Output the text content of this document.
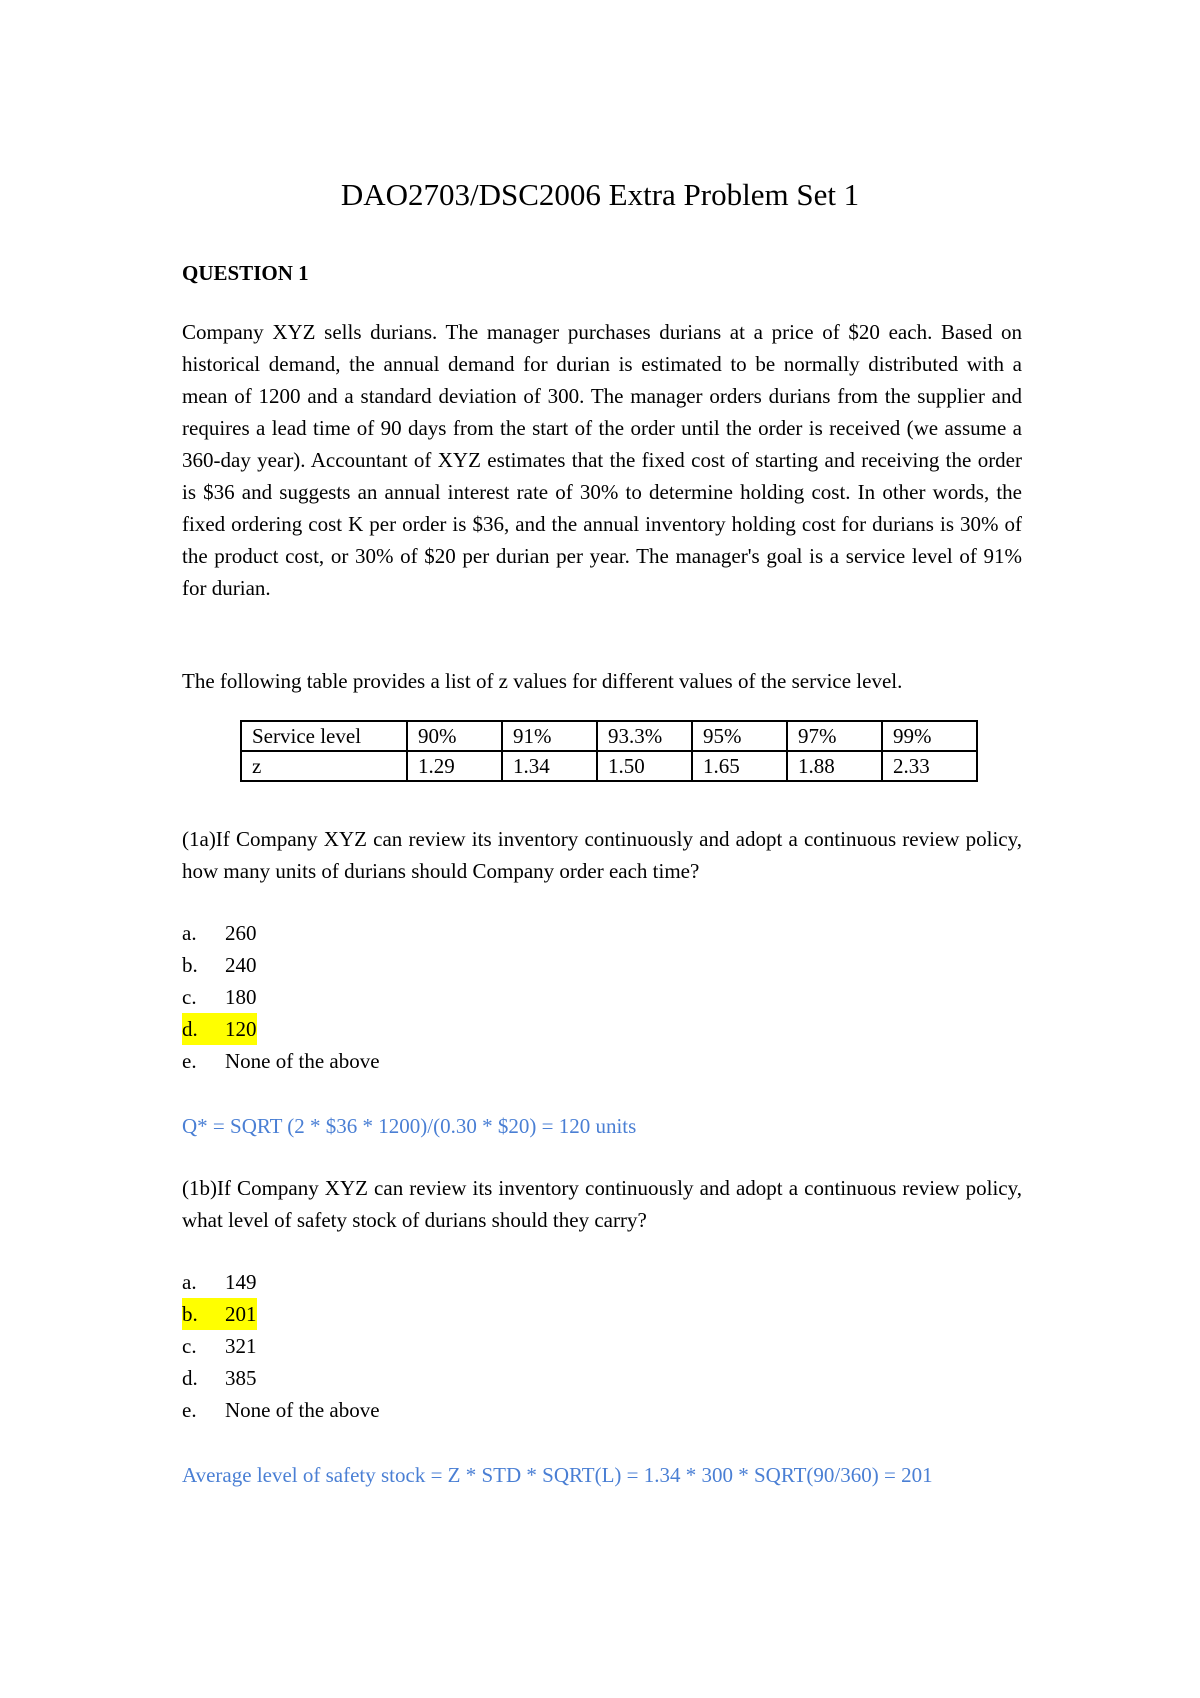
DAO2703/DSC2006 Extra Problem Set 1
QUESTION 1
Company XYZ sells durians. The manager purchases durians at a price of $20 each. Based on historical demand, the annual demand for durian is estimated to be normally distributed with a mean of 1200 and a standard deviation of 300. The manager orders durians from the supplier and requires a lead time of 90 days from the start of the order until the order is received (we assume a 360-day year). Accountant of XYZ estimates that the fixed cost of starting and receiving the order is $36 and suggests an annual interest rate of 30% to determine holding cost. In other words, the fixed ordering cost K per order is $36, and the annual inventory holding cost for durians is 30% of the product cost, or 30% of $20 per durian per year. The manager's goal is a service level of 91% for durian.
The following table provides a list of z values for different values of the service level.
Service level	90%	91%	93.3%	95%	97%	99%
z	1.29	1.34	1.50	1.65	1.88	2.33
(1a)If Company XYZ can review its inventory continuously and adopt a continuous review policy, how many units of durians should Company order each time?
a.	260
b.	240
c.	180
d.	120
e.	None of the above
Q* = SQRT (2 * $36 * 1200)/(0.30 * $20) = 120 units
(1b)If Company XYZ can review its inventory continuously and adopt a continuous review policy, what level of safety stock of durians should they carry?
a.	149
b.	201
c.	321
d.	385
e.	None of the above
Average level of safety stock = Z * STD * SQRT(L) = 1.34 * 300 * SQRT(90/360) = 201
